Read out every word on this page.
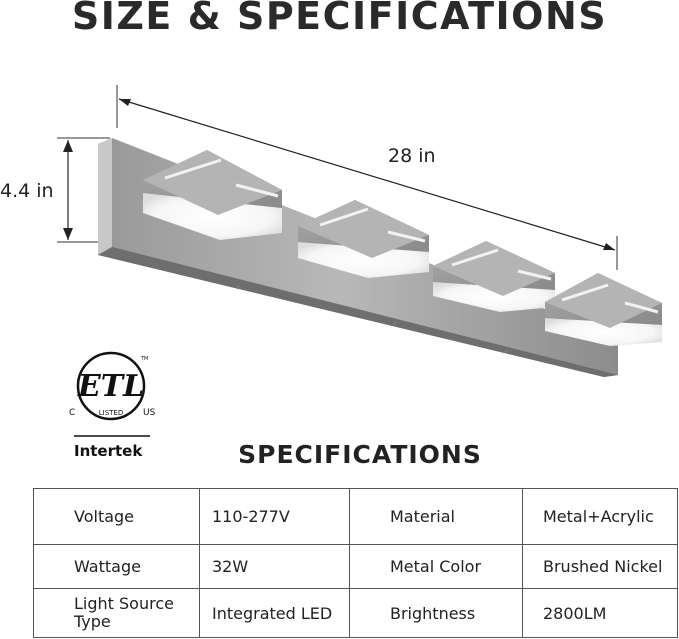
SIZE & SPECIFICATIONS
28 in
4.4 in
ETL
LISTED
C	US
TM
Intertek	SPECIFICATIONS
Voltage	110-277V	Material	Metal+Acrylic
Wattage	32W	Metal Color	Brushed Nickel
Light Source Type	Integrated LED	Brightness	2800LM
